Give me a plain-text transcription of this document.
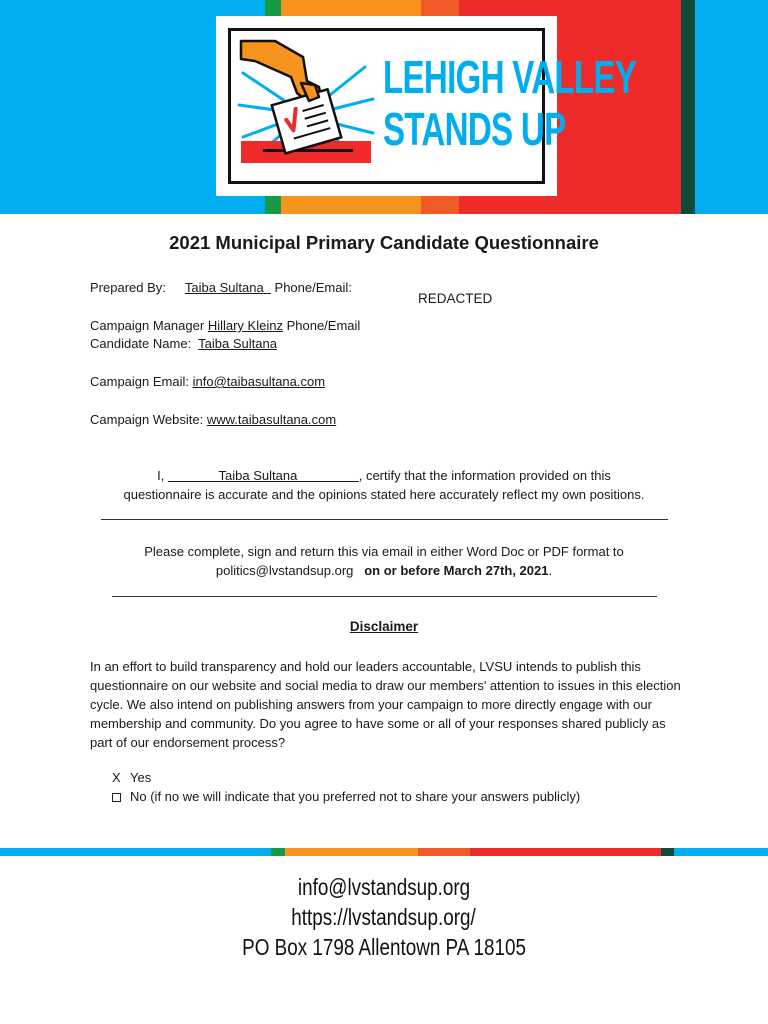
LEHIGH VALLEY
STANDS UP
2021 Municipal Primary Candidate Questionnaire
Prepared By: Taiba Sultana Phone/Email:
REDACTED
Campaign Manager Hillary Kleinz Phone/Email
Candidate Name: Taiba Sultana
Campaign Email: info@taibasultana.com
Campaign Website: www.taibasultana.com
I,	Taiba Sultana	, certify that the information provided on this
questionnaire is accurate and the opinions stated here accurately reflect my own positions.
Please complete, sign and return this via email in either Word Doc or PDF format to
politics@lvstandsup.org on or before March 27th, 2021.
Disclaimer
In an effort to build transparency and hold our leaders accountable, LVSU intends to publish this questionnaire on our website and social media to draw our members' attention to issues in this election cycle. We also intend on publishing answers from your campaign to more directly engage with our membership and community. Do you agree to have some or all of your responses shared publicly as part of our endorsement process?
X Yes
No (if no we will indicate that you preferred not to share your answers publicly)
info@lvstandsup.org
https://lvstandsup.org/
PO Box 1798 Allentown PA 18105
